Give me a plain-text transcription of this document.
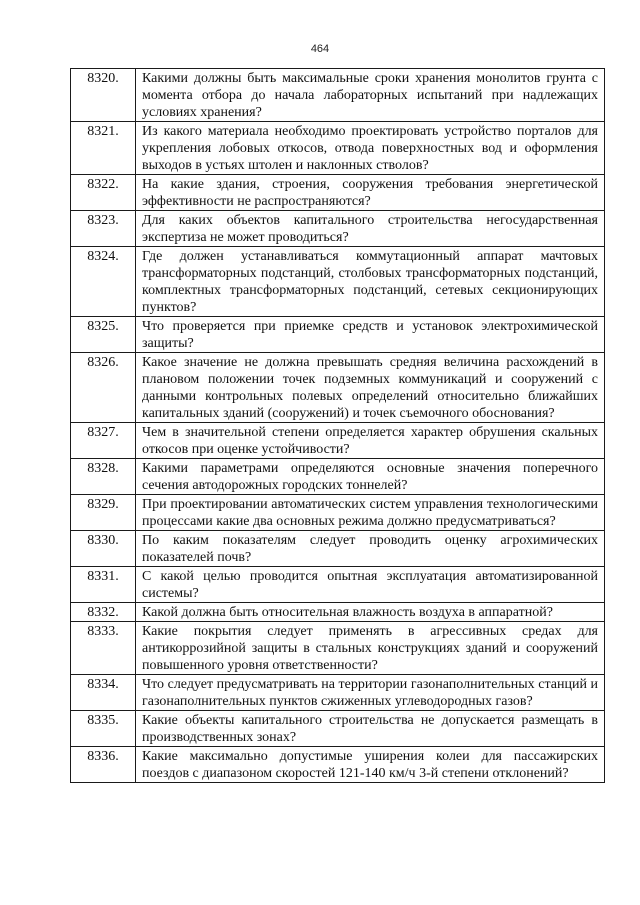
464
8320.	Какими должны быть максимальные сроки хранения монолитов грунта с момента отбора до начала лабораторных испытаний при надлежащих условиях хранения?
8321.	Из какого материала необходимо проектировать устройство порталов для укрепления лобовых откосов, отвода поверхностных вод и оформления выходов в устьях штолен и наклонных стволов?
8322.	На какие здания, строения, сооружения требования энергетической эффективности не распространяются?
8323.	Для каких объектов капитального строительства негосударственная экспертиза не может проводиться?
8324.	Где должен устанавливаться коммутационный аппарат мачтовых трансформаторных подстанций, столбовых трансформаторных подстанций, комплектных трансформаторных подстанций, сетевых секционирующих пунктов?
8325.	Что проверяется при приемке средств и установок электрохимической защиты?
8326.	Какое значение не должна превышать средняя величина расхождений в плановом положении точек подземных коммуникаций и сооружений с данными контрольных полевых определений относительно ближайших капитальных зданий (сооружений) и точек съемочного обоснования?
8327.	Чем в значительной степени определяется характер обрушения скальных откосов при оценке устойчивости?
8328.	Какими параметрами определяются основные значения поперечного сечения автодорожных городских тоннелей?
8329.	При проектировании автоматических систем управления технологическими процессами какие два основных режима должно предусматриваться?
8330.	По каким показателям следует проводить оценку агрохимических показателей почв?
8331.	С какой целью проводится опытная эксплуатация автоматизированной системы?
8332.	Какой должна быть относительная влажность воздуха в аппаратной?
8333.	Какие покрытия следует применять в агрессивных средах для антикоррозийной защиты в стальных конструкциях зданий и сооружений повышенного уровня ответственности?
8334.	Что следует предусматривать на территории газонаполнительных станций и газонаполнительных пунктов сжиженных углеводородных газов?
8335.	Какие объекты капитального строительства не допускается размещать в производственных зонах?
8336.	Какие максимально допустимые уширения колеи для пассажирских поездов с диапазоном скоростей 121-140 км/ч 3-й степени отклонений?
